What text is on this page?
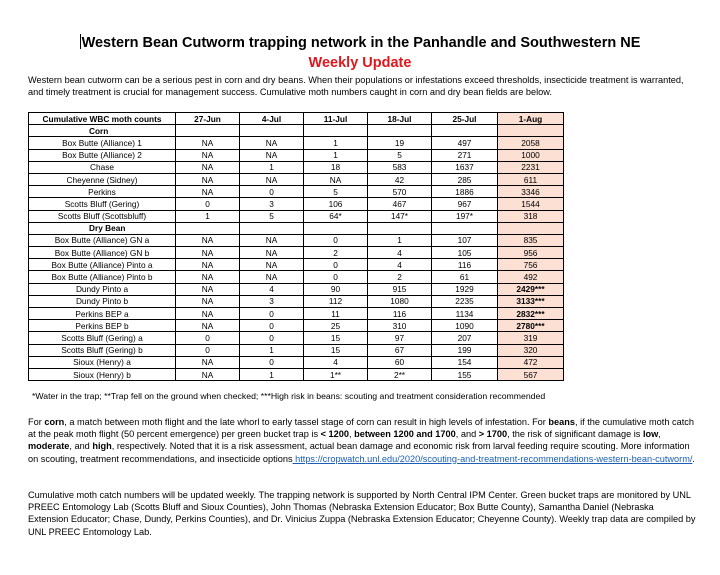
Western Bean Cutworm trapping network in the Panhandle and Southwestern NE
Weekly Update
Western bean cutworm can be a serious pest in corn and dry beans. When their populations or infestations exceed thresholds, insecticide treatment is warranted, and timely treatment is crucial for management success. Cumulative moth numbers caught in corn and dry bean fields are below.
Cumulative WBC moth counts	27-Jun	4-Jul	11-Jul	18-Jul	25-Jul	1-Aug
Corn						
Box Butte (Alliance) 1	NA	NA	1	19	497	2058
Box Butte (Alliance) 2	NA	NA	1	5	271	1000
Chase	NA	1	18	583	1637	2231
Cheyenne (Sidney)	NA	NA	NA	42	285	611
Perkins	NA	0	5	570	1886	3346
Scotts Bluff (Gering)	0	3	106	467	967	1544
Scotts Bluff (Scottsbluff)	1	5	64*	147*	197*	318
Dry Bean						
Box Butte (Alliance) GN a	NA	NA	0	1	107	835
Box Butte (Alliance) GN b	NA	NA	2	4	105	956
Box Butte (Alliance) Pinto a	NA	NA	0	4	116	756
Box Butte (Alliance) Pinto b	NA	NA	0	2	61	492
Dundy Pinto a	NA	4	90	915	1929	2429***
Dundy Pinto b	NA	3	112	1080	2235	3133***
Perkins BEP a	NA	0	11	116	1134	2832***
Perkins BEP b	NA	0	25	310	1090	2780***
Scotts Bluff (Gering) a	0	0	15	97	207	319
Scotts Bluff (Gering) b	0	1	15	67	199	320
Sioux (Henry) a	NA	0	4	60	154	472
Sioux (Henry) b	NA	1	1**	2**	155	567
*Water in the trap; **Trap fell on the ground when checked; ***High risk in beans: scouting and treatment consideration recommended
For corn, a match between moth flight and the late whorl to early tassel stage of corn can result in high levels of infestation. For beans, if the cumulative moth catch at the peak moth flight (50 percent emergence) per green bucket trap is < 1200, between 1200 and 1700, and > 1700, the risk of significant damage is low, moderate, and high, respectively. Noted that it is a risk assessment, actual bean damage and economic risk from larval feeding require scouting. More information on scouting, treatment recommendations, and insecticide options https://cropwatch.unl.edu/2020/scouting-and-treatment-recommendations-western-bean-cutworm/.
Cumulative moth catch numbers will be updated weekly. The trapping network is supported by North Central IPM Center. Green bucket traps are monitored by UNL PREEC Entomology Lab (Scotts Bluff and Sioux Counties), John Thomas (Nebraska Extension Educator; Box Butte County), Samantha Daniel (Nebraska Extension Educator; Chase, Dundy, Perkins Counties), and Dr. Vinicius Zuppa (Nebraska Extension Educator; Cheyenne County). Weekly trap data are compiled by UNL PREEC Entomology Lab.
